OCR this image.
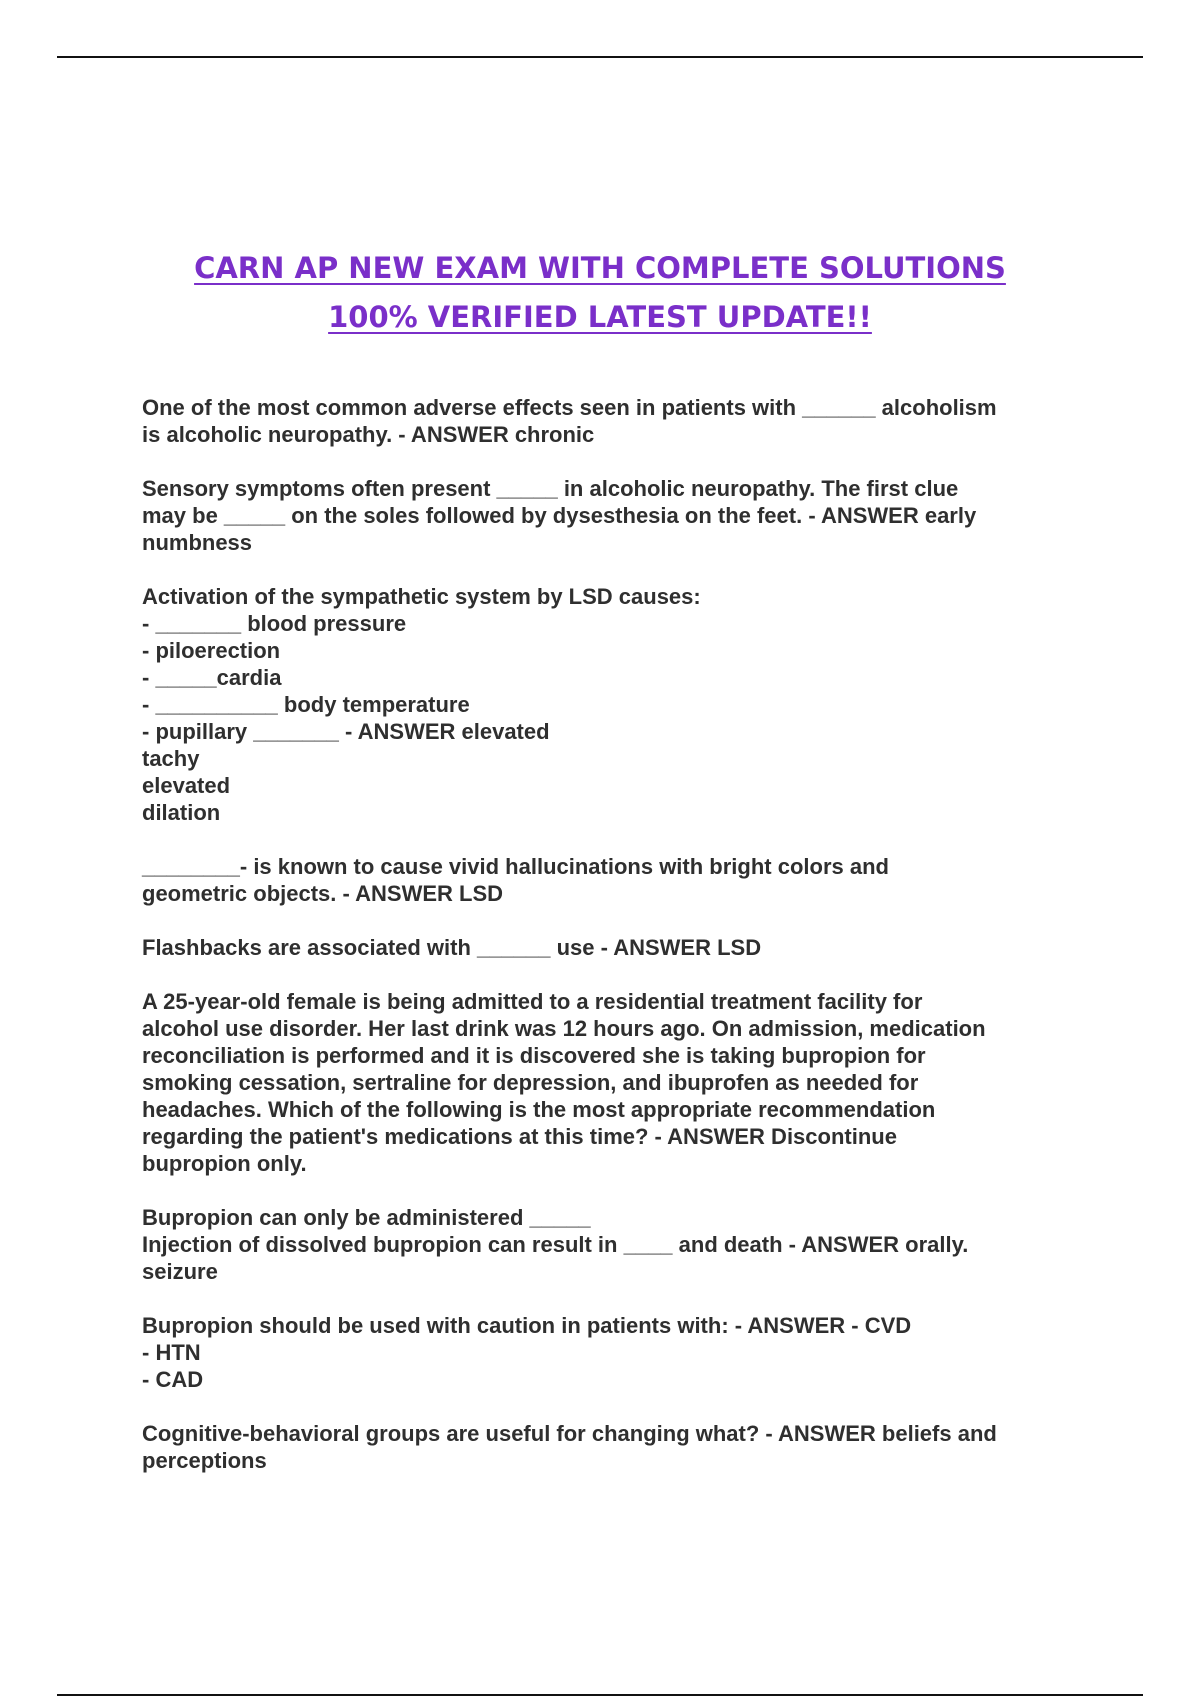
CARN AP NEW EXAM WITH COMPLETE SOLUTIONS
100% VERIFIED LATEST UPDATE!!

One of the most common adverse effects seen in patients with ______ alcoholism
is alcoholic neuropathy. - ANSWER chronic

Sensory symptoms often present _____ in alcoholic neuropathy. The first clue
may be _____ on the soles followed by dysesthesia on the feet. - ANSWER early
numbness

Activation of the sympathetic system by LSD causes:
- _______ blood pressure
- piloerection
- _____cardia
- __________ body temperature
- pupillary _______ - ANSWER elevated
tachy
elevated
dilation

________- is known to cause vivid hallucinations with bright colors and
geometric objects. - ANSWER LSD

Flashbacks are associated with ______ use - ANSWER LSD

A 25-year-old female is being admitted to a residential treatment facility for
alcohol use disorder. Her last drink was 12 hours ago. On admission, medication
reconciliation is performed and it is discovered she is taking bupropion for
smoking cessation, sertraline for depression, and ibuprofen as needed for
headaches. Which of the following is the most appropriate recommendation
regarding the patient's medications at this time? - ANSWER Discontinue
bupropion only.

Bupropion can only be administered _____
Injection of dissolved bupropion can result in ____ and death - ANSWER orally.
seizure

Bupropion should be used with caution in patients with: - ANSWER - CVD
- HTN
- CAD

Cognitive-behavioral groups are useful for changing what? - ANSWER beliefs and
perceptions
